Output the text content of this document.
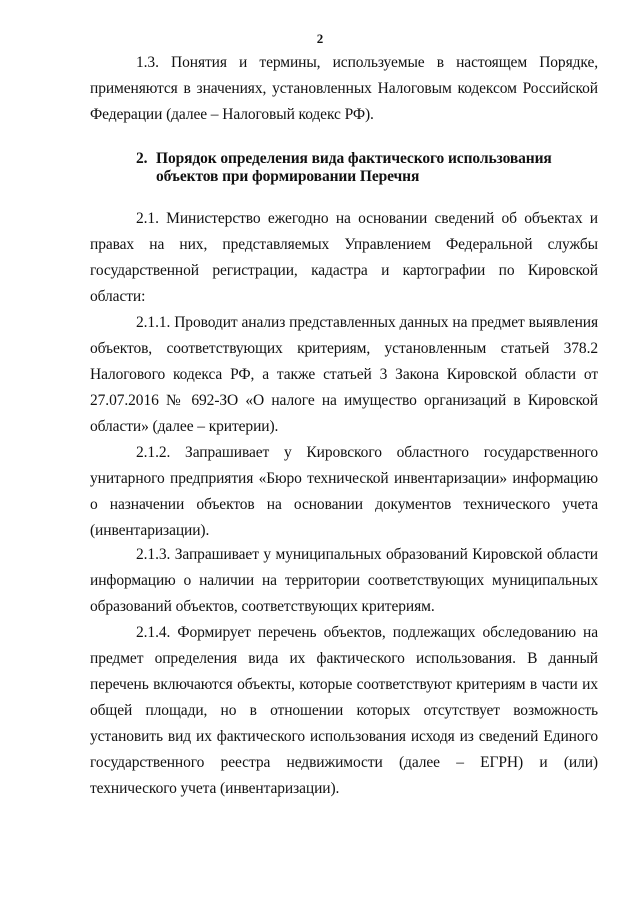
2

1.3. Понятия и термины, используемые в настоящем Порядке, применяются в значениях, установленных Налоговым кодексом Российской Федерации (далее – Налоговый кодекс РФ).

2. Порядок определения вида фактического использования
объектов при формировании Перечня

2.1. Министерство ежегодно на основании сведений об объектах и правах на них, представляемых Управлением Федеральной службы государственной регистрации, кадастра и картографии по Кировской области:

2.1.1. Проводит анализ представленных данных на предмет выявления объектов, соответствующих критериям, установленным статьей 378.2 Налогового кодекса РФ, а также статьей 3 Закона Кировской области от 27.07.2016 № 692-ЗО «О налоге на имущество организаций в Кировской области» (далее – критерии).

2.1.2. Запрашивает у Кировского областного государственного унитарного предприятия «Бюро технической инвентаризации» информацию о назначении объектов на основании документов технического учета (инвентаризации).

2.1.3. Запрашивает у муниципальных образований Кировской области информацию о наличии на территории соответствующих муниципальных образований объектов, соответствующих критериям.

2.1.4. Формирует перечень объектов, подлежащих обследованию на предмет определения вида их фактического использования. В данный перечень включаются объекты, которые соответствуют критериям в части их общей площади, но в отношении которых отсутствует возможность установить вид их фактического использования исходя из сведений Единого государственного реестра недвижимости (далее – ЕГРН) и (или) технического учета (инвентаризации).
